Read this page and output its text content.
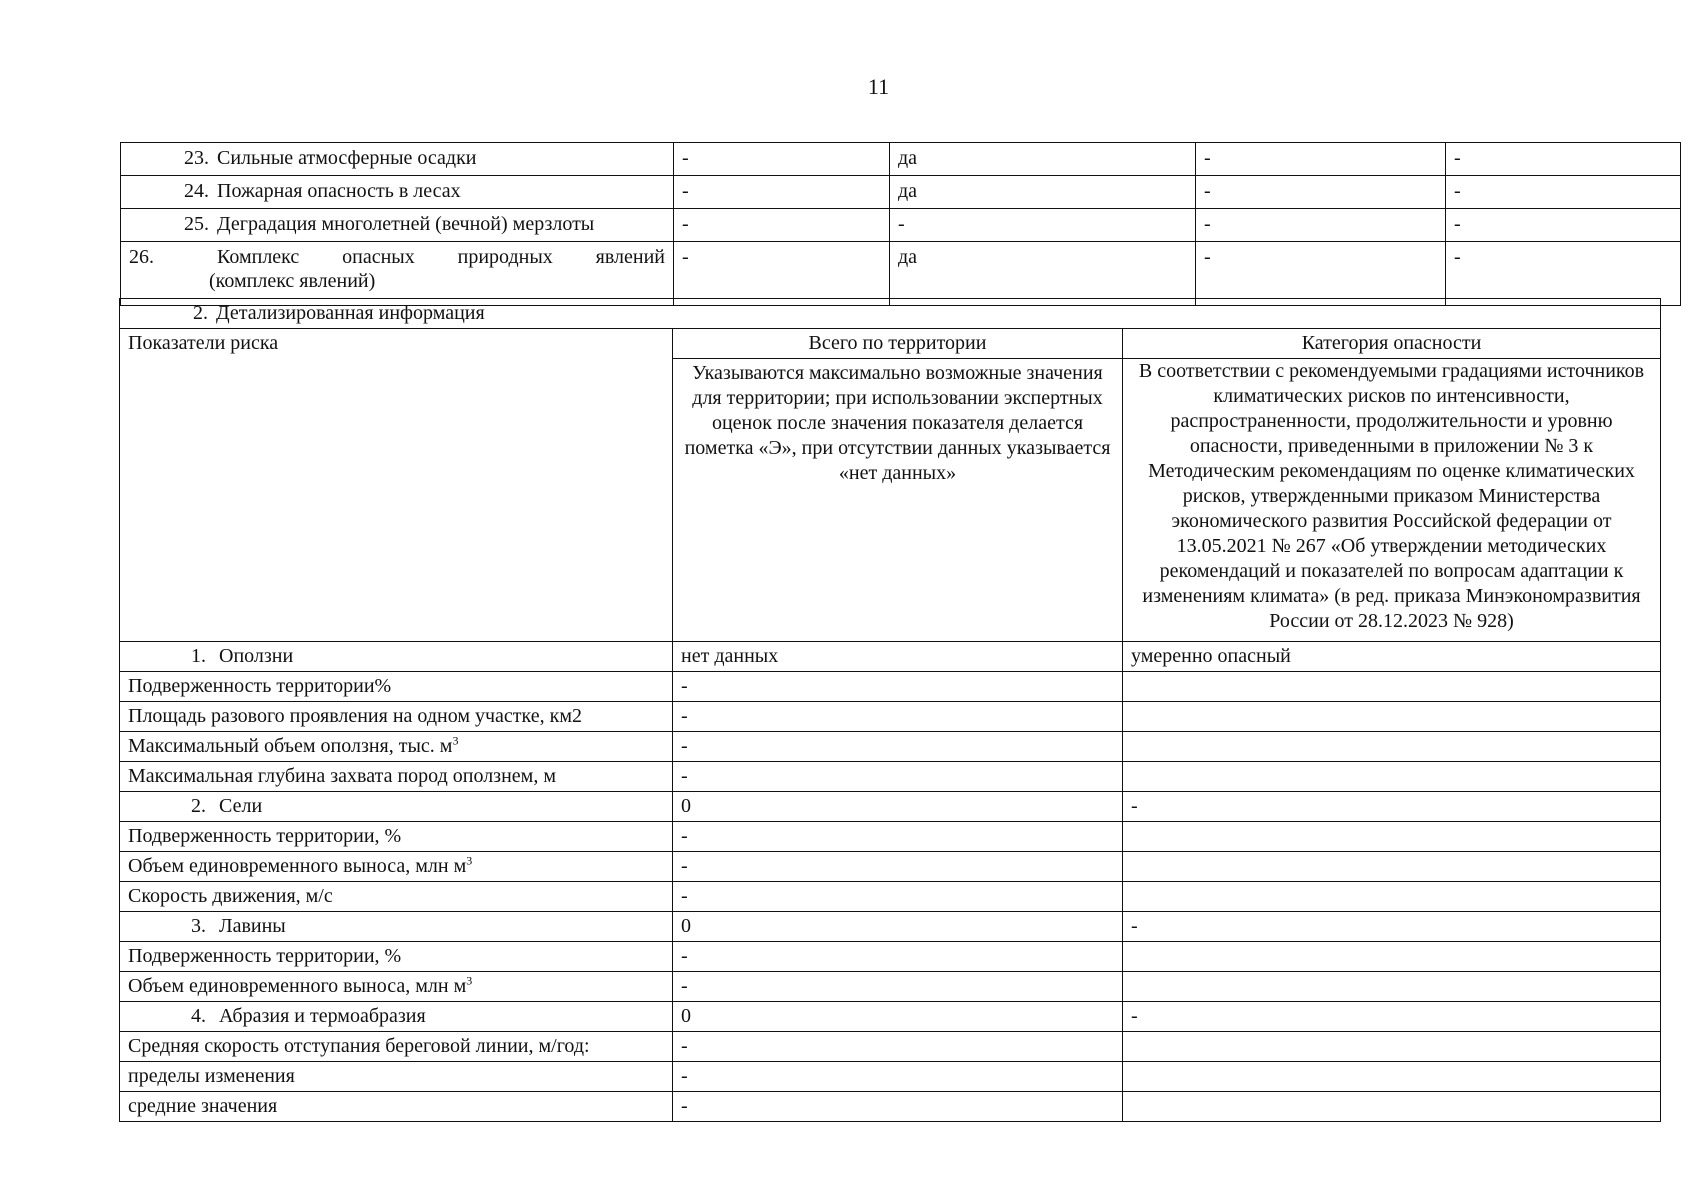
11
23. Сильные атмосферные осадки	-	да	-	-
24. Пожарная опасность в лесах	-	да	-	-
25. Деградация многолетней (вечной) мерзлоты	-	-	-	-

26. Комплекс опасных природных явлений
(комплекс явлений)	-	да	-	-
2. Детализированная информация		
Показатели риска	Всего по территории	Категория опасности
	Указываются максимально возможные значения для территории; при использовании экспертных оценок после значения показателя делается пометка «Э», при отсутствии данных указывается «нет данных»	В соответствии с рекомендуемыми градациями источников климатических рисков по интенсивности, распространенности, продолжительности и уровню опасности, приведенными в приложении № 3 к Методическим рекомендациям по оценке климатических рисков, утвержденными приказом Министерства экономического развития Российской федерации от 13.05.2021 № 267 «Об утверждении методических рекомендаций и показателей по вопросам адаптации к изменениям климата» (в ред. приказа Минэкономразвития России от 28.12.2023 № 928)
1. Оползни	нет данных	умеренно опасный
Подверженность территории%	-	
Площадь разового проявления на одном участке, км2	-	
Максимальный объем оползня, тыс. $м^3$	-	
Максимальная глубина захвата пород оползнем, м	-	
2. Сели	0	-
Подверженность территории, %	-	
Объем единовременного выноса, млн $м^3$	-	
Скорость движения, м/с	-	
3. Лавины	0	-
Подверженность территории, %	-	
Объем единовременного выноса, млн $м^3$	-	
4. Абразия и термоабразия	0	-
Средняя скорость отступания береговой линии, м/год:	-	
пределы изменения	-	
средние значения	-	
